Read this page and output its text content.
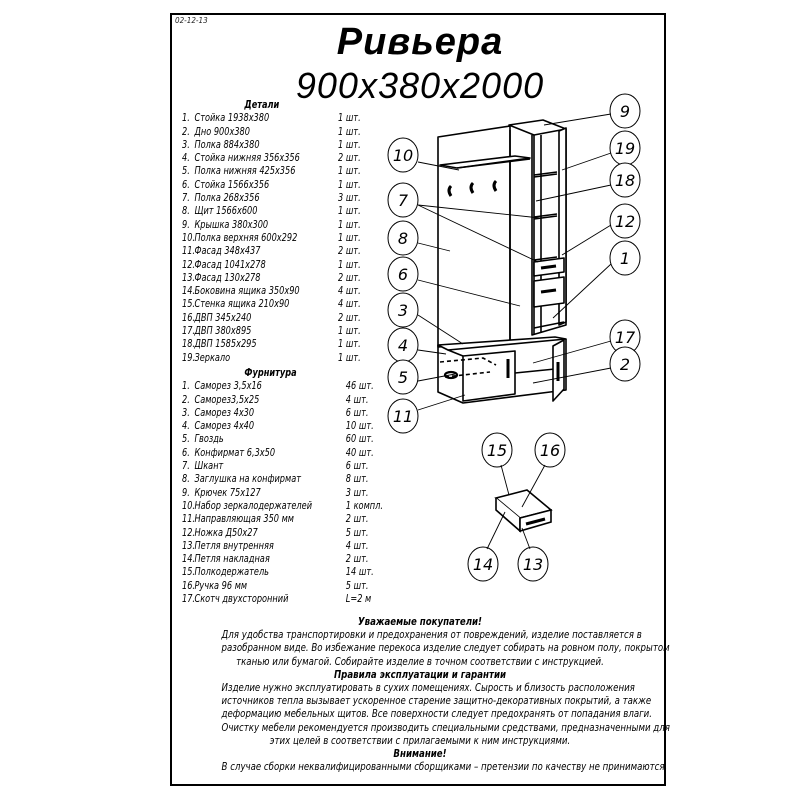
02-12-13
Ривьера
900x380x2000
Детали
1. Стойка 1938x380	1 шт.
2. Дно 900x380	1 шт.
3. Полка 884x380	1 шт.
4. Стойка нижняя 356x356	2 шт.
5. Полка нижняя 425x356	1 шт.
6. Стойка 1566x356	1 шт.
7. Полка 268x356	3 шт.
8. Щит 1566x600	1 шт.
9. Крышка 380x300	1 шт.
10. Полка верхняя 600x292	1 шт.
11. Фасад 348x437	2 шт.
12. Фасад 1041x278	1 шт.
13. Фасад 130x278	2 шт.
14. Боковина ящика 350x90	4 шт.
15. Стенка ящика 210x90	4 шт.
16. ДВП 345x240	2 шт.
17. ДВП 380x895	1 шт.
18. ДВП 1585x295	1 шт.
19. Зеркало	1 шт.
Фурнитура
1. Саморез 3,5x16	46 шт.
2. Саморез3,5x25	4 шт.
3. Саморез 4x30	6 шт.
4. Саморез 4x40	10 шт.
5. Гвоздь	60 шт.
6. Конфирмат 6,3x50	40 шт.
7. Шкант	6 шт.
8. Заглушка на конфирмат	8 шт.
9. Крючек 75x127	3 шт.
10. Набор зеркалодержателей	1 компл.
11. Направляющая 350 мм	2 шт.
12. Ножка Д50x27	5 шт.
13. Петля внутренняя	4 шт.
14. Петля накладная	2 шт.
15. Полкодержатель	14 шт.
16. Ручка 96 мм	5 шт.
17. Скотч двухсторонний	L=2 м

Уважаемые покупатели!

Для удобства транспортировки и предохранения от повреждений, изделие поставляется в
разобранном виде. Во избежание перекоса изделие следует собирать на ровном полу, покрытом
тканью или бумагой. Собирайте изделие в точном соответствии с инструкцией.

Правила эксплуатации и гарантии

Изделие нужно эксплуатировать в сухих помещениях. Сырость и близость расположения
источников тепла вызывает ускоренное старение защитно-декоративных покрытий, а также
деформацию мебельных щитов. Все поверхности следует предохранять от попадания влаги.
Очистку мебели рекомендуется производить специальными средствами, предназначенными для
этих целей в соответствии с прилагаемыми к ним инструкциями.

Внимание!

В случае сборки неквалифицированными сборщиками – претензии по качеству не принимаются.

9
10	19
18
7
12
8
1
6
3
17
4
2
5
11
15 16
14 13
